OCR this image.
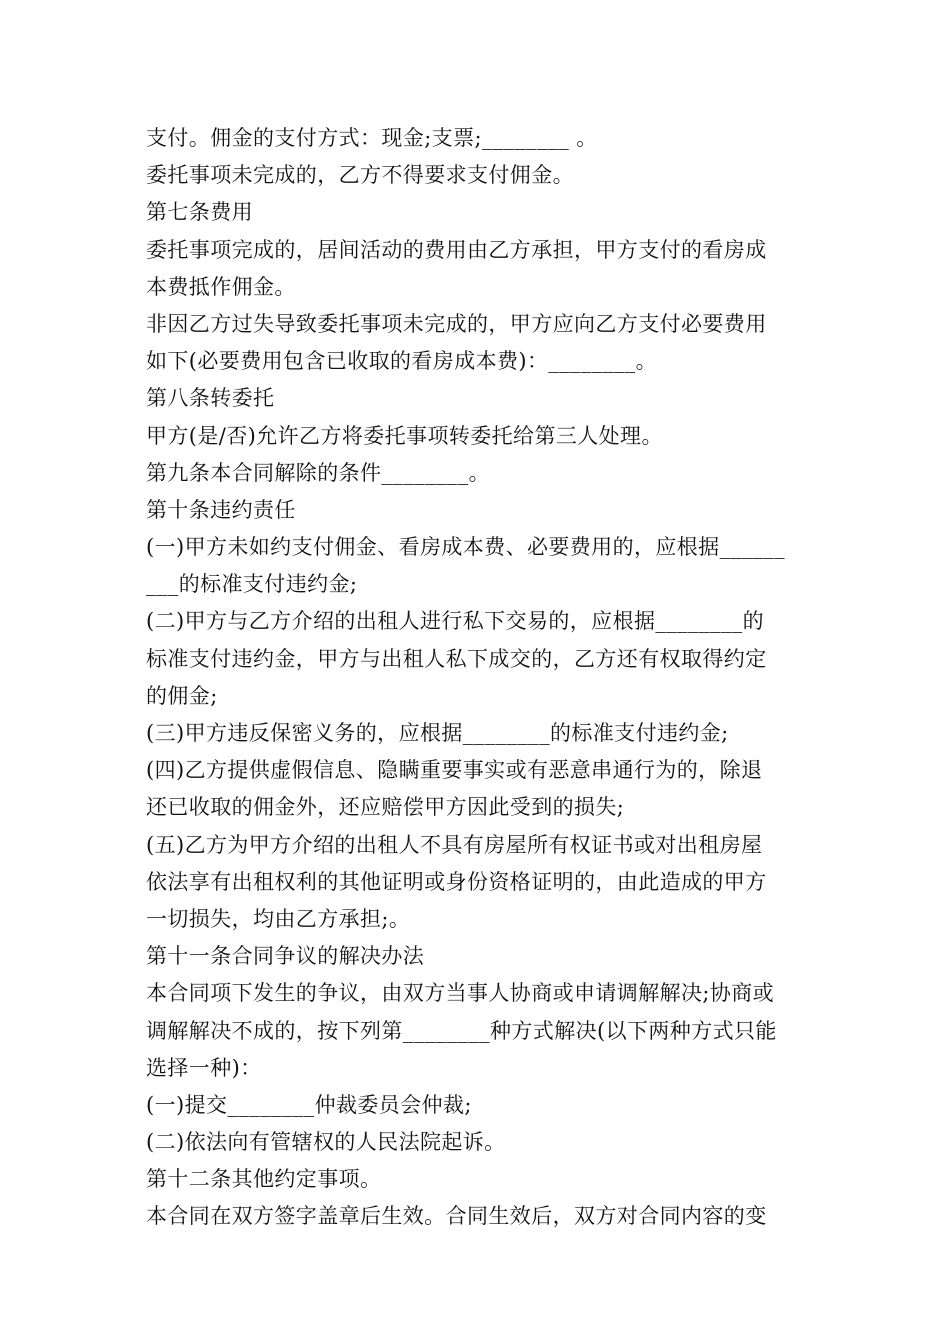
支付。佣金的支付方式：现金;支票;________ 。
委托事项未完成的，乙方不得要求支付佣金。
第七条费用
委托事项完成的，居间活动的费用由乙方承担，甲方支付的看房成
本费抵作佣金。
非因乙方过失导致委托事项未完成的，甲方应向乙方支付必要费用
如下(必要费用包含已收取的看房成本费)：________。
第八条转委托
甲方(是/否)允许乙方将委托事项转委托给第三人处理。
第九条本合同解除的条件________。
第十条违约责任
(一)甲方未如约支付佣金、看房成本费、必要费用的，应根据______
___的标准支付违约金;
(二)甲方与乙方介绍的出租人进行私下交易的，应根据________的
标准支付违约金，甲方与出租人私下成交的，乙方还有权取得约定
的佣金;
(三)甲方违反保密义务的，应根据________的标准支付违约金;
(四)乙方提供虚假信息、隐瞒重要事实或有恶意串通行为的，除退
还已收取的佣金外，还应赔偿甲方因此受到的损失;
(五)乙方为甲方介绍的出租人不具有房屋所有权证书或对出租房屋
依法享有出租权利的其他证明或身份资格证明的，由此造成的甲方
一切损失，均由乙方承担;。
第十一条合同争议的解决办法
本合同项下发生的争议，由双方当事人协商或申请调解解决;协商或
调解解决不成的，按下列第________种方式解决(以下两种方式只能
选择一种)：
(一)提交________仲裁委员会仲裁;
(二)依法向有管辖权的人民法院起诉。
第十二条其他约定事项。
本合同在双方签字盖章后生效。合同生效后，双方对合同内容的变
